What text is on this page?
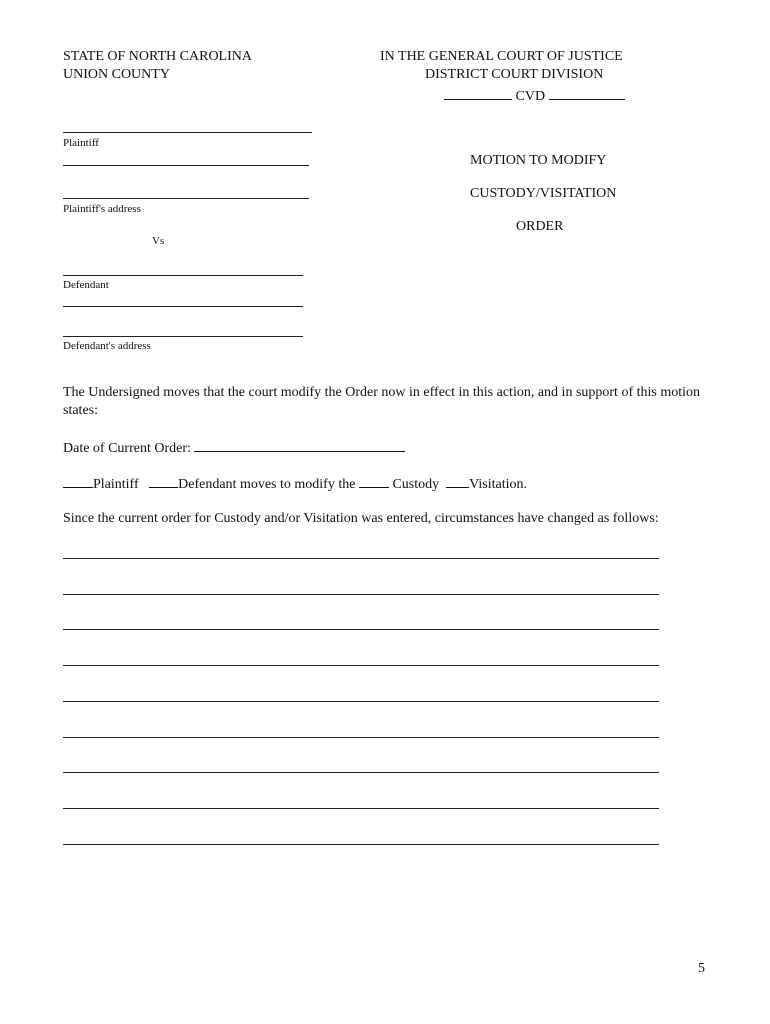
STATE OF NORTH CAROLINA
UNION COUNTY
IN THE GENERAL COURT OF JUSTICE
DISTRICT COURT DIVISION
CVD
Plaintiff
Plaintiff's address
Vs
Defendant
Defendant's address
MOTION TO MODIFY
CUSTODY/VISITATION
ORDER
The Undersigned moves that the court modify the Order now in effect in this action, and in support of this motion states:
Date of Current Order:
Plaintiff	Defendant moves to modify the	Custody Visitation.
Since the current order for Custody and/or Visitation was entered, circumstances have changed as follows:
5
